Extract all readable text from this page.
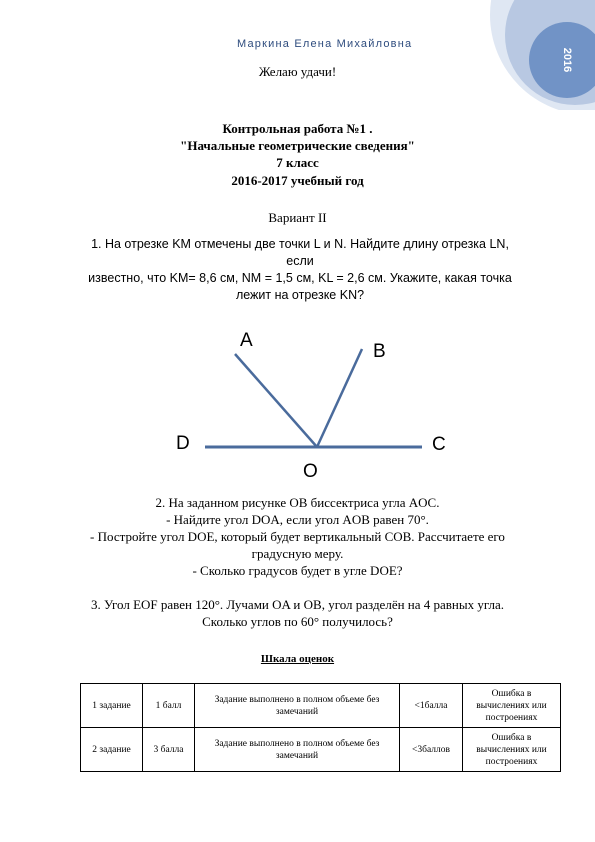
2016
Маркина Елена Михайловна
Желаю удачи!
Контрольная работа №1 .
"Начальные геометрические сведения"
7 класс
2016-2017 учебный год
Вариант II
1. На отрезке KM отмечены две точки L и N. Найдите длину отрезка LN, если
известно, что KM= 8,6 см, NM = 1,5 см, KL = 2,6 см. Укажите, какая точка
лежит на отрезке KN?
A
B
C
D
O
2. На заданном рисунке OB биссектриса угла AOC.
- Найдите угол DOA, если угол AOB равен 70°.
- Постройте угол DOE, который будет вертикальный COB. Рассчитаете его
градусную меру.
- Сколько градусов будет в угле DOE?
3. Угол EOF равен 120°. Лучами OA и OB, угол разделён на 4 равных угла.
Сколько углов по 60° получилось?
Шкала оценок
1 задание	1 балл	Задание выполнено в полном объеме без замечаний	<1балла	Ошибка в вычислениях или построениях
2 задание	3 балла	Задание выполнено в полном объеме без замечаний	<3баллов	Ошибка в вычислениях или построениях
